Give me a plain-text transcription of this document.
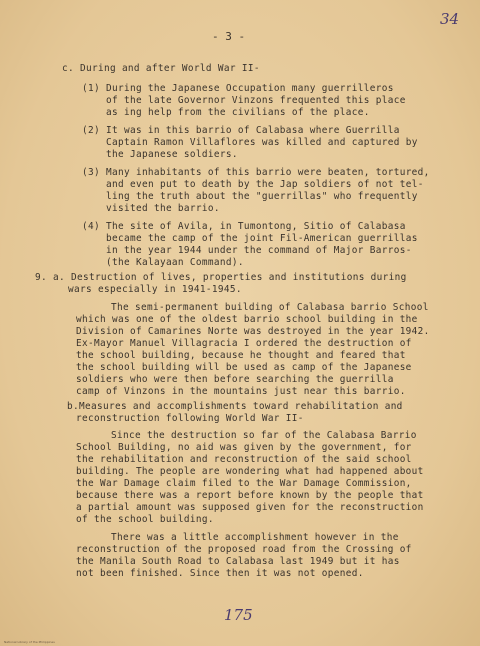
34
- 3 -
c. During and after World War II-
(1) During the Japanese Occupation many guerrilleros
of the late Governor Vinzons frequented this place
as ing help from the civilians of the place.
(2) It was in this barrio of Calabasa where Guerrilla
Captain Ramon Villaflores was killed and captured by
the Japanese soldiers.
(3) Many inhabitants of this barrio were beaten, tortured,
and even put to death by the Jap soldiers of not tel-
ling the truth about the "guerrillas" who frequently
visited the barrio.
(4) The site of Avila, in Tumontong, Sitio of Calabasa
became the camp of the joint Fil-American guerrillas
in the year 1944 under the command of Major Barros-
(the Kalayaan Command).
9. a. Destruction of lives, properties and institutions during
wars especially in 1941-1945.
The semi-permanent building of Calabasa barrio School
which was one of the oldest barrio school building in the
Division of Camarines Norte was destroyed in the year 1942.
Ex-Mayor Manuel Villagracia I ordered the destruction of
the school building, because he thought and feared that
the school building will be used as camp of the Japanese
soldiers who were then before searching the guerrilla
camp of Vinzons in the mountains just near this barrio.
b.Measures and accomplishments toward rehabilitation and
reconstruction following World War II-
Since the destruction so far of the Calabasa Barrio
School Building, no aid was given by the government, for
the rehabilitation and reconstruction of the said school
building. The people are wondering what had happened about
the War Damage claim filed to the War Damage Commission,
because there was a report before known by the people that
a partial amount was supposed given for the reconstruction
of the school building.
There was a little accomplishment however in the
reconstruction of the proposed road from the Crossing of
the Manila South Road to Calabasa last 1949 but it has
not been finished. Since then it was not opened.
175
National Library of the Philippines
